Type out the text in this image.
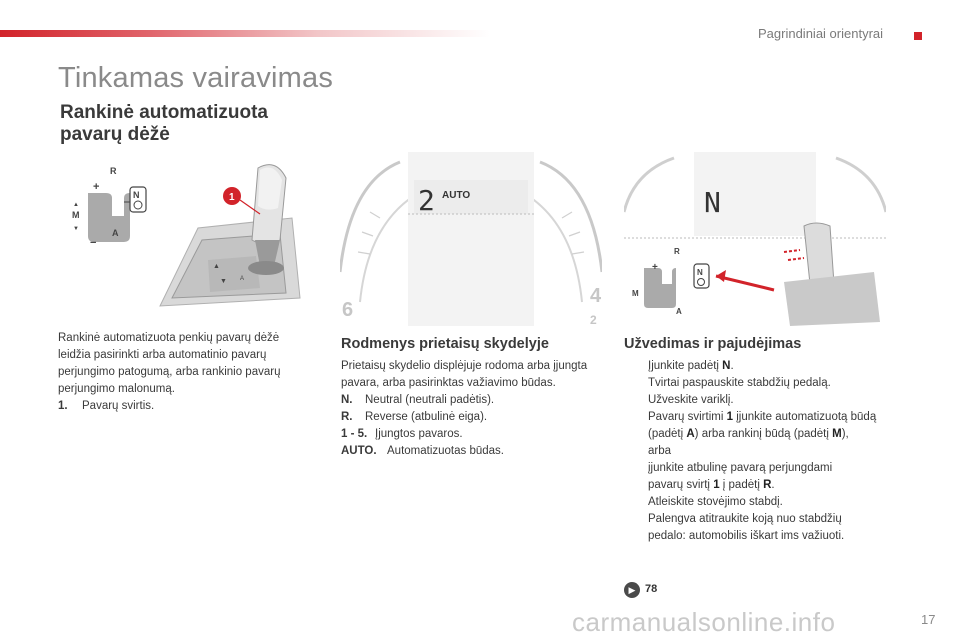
Pagrindiniai orientyrai
Tinkamas vairavimas
Rankinė automatizuota pavarų dėžė
+
R
M
▲
▼
−
A
N
▲
▼ A
1	2 AUTO
6
4
2
N
R
+
M
A
N
Rankinė automatizuota penkių pavarų dėžė leidžia pasirinkti arba automatinio pavarų perjungimo patogumą, arba rankinio pavarų perjungimo malonumą.
1.	Pavarų svirtis.
Rodmenys prietaisų skydelyje
Prietaisų skydelio displėjuje rodoma arba įjungta pavara, arba pasirinktas važiavimo būdas.
N.	Neutral (neutrali padėtis).
R.	Reverse (atbulinė eiga).
1 - 5. Įjungtos pavaros.
AUTO. Automatizuotas būdas.
Užvedimas ir pajudėjimas
Įjunkite padėtį N.
Tvirtai paspauskite stabdžių pedalą.
Užveskite variklį.
Pavarų svirtimi 1 įjunkite automatizuotą būdą
(padėtį A) arba rankinį būdą (padėtį M),
arba
įjunkite atbulinę pavarą perjungdami
pavarų svirtį 1 į padėtį R.
Atleiskite stovėjimo stabdį.
Palengva atitraukite koją nuo stabdžių
pedalo: automobilis iškart ims važiuoti.
▶ 78
carmanualsonline.info	17
